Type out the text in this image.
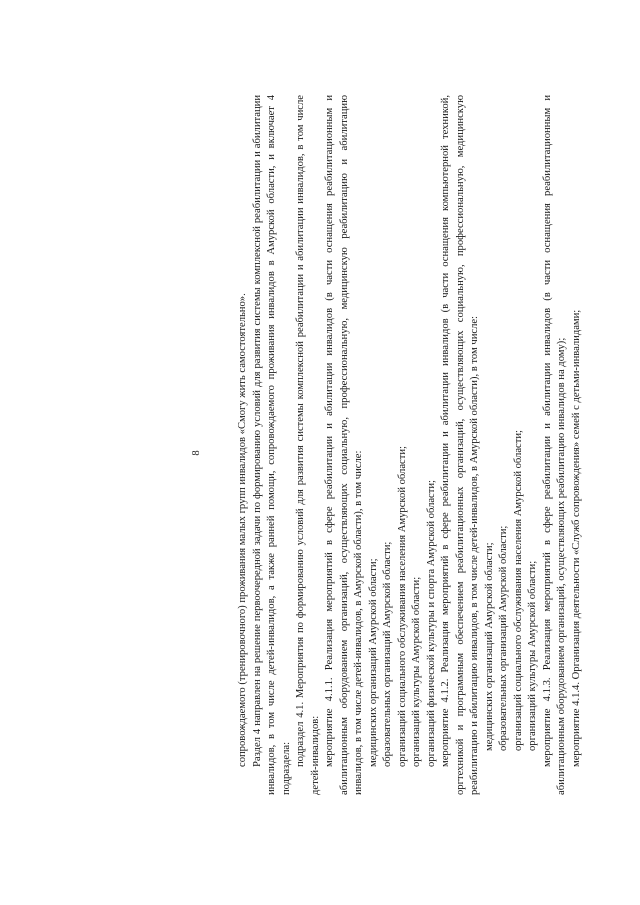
8	сопровождаемого (тренировочного) проживания малых групп инвалидов «Смогу жить самостоятельно». Раздел 4 направлен на решение первоочередной задачи по формированию условий для развития системы комплексной реабилитации и абилитации инвалидов, в том числе детей-инвалидов, а также ранней помощи, сопровождаемого проживания инвалидов в Амурской области, и включает 4 подраздела:

подраздел 4.1. Мероприятия по формированию условий для развития системы комплексной реабилитации и абилитации инвалидов, в том числе детей-инвалидов: мероприятие 4.1.1. Реализация мероприятий в сфере реабилитации и абилитации инвалидов (в части оснащения реабилитационным и абилитационным оборудованием организаций, осуществляющих социальную, профессиональную, медицинскую реабилитацию и абилитацию инвалидов, в том числе детей-инвалидов, в Амурской области), в том числе: медицинских организаций Амурской области; образовательных организаций Амурской области; организаций социального обслуживания населения Амурской области; организаций культуры Амурской области; организаций физической культуры и спорта Амурской области; мероприятие 4.1.2. Реализация мероприятий в сфере реабилитации и абилитации инвалидов (в части оснащения компьютерной техникой, оргтехникой и программным обеспечением реабилитационных организаций, осуществляющих социальную, профессиональную, медицинскую реабилитацию и абилитацию инвалидов, в том числе детей-инвалидов, в Амурской области), в том числе: медицинских организаций Амурской области; образовательных организаций Амурской области; организаций социального обслуживания населения Амурской области; организаций культуры Амурской области; мероприятие 4.1.3. Реализация мероприятий в сфере реабилитации и абилитации инвалидов (в части оснащения реабилитационным и абилитационным оборудованием организаций, осуществляющих реабилитацию инвалидов на дому); мероприятие 4.1.4. Организация деятельности «Служб сопровождения» семей с детьми-инвалидами;
